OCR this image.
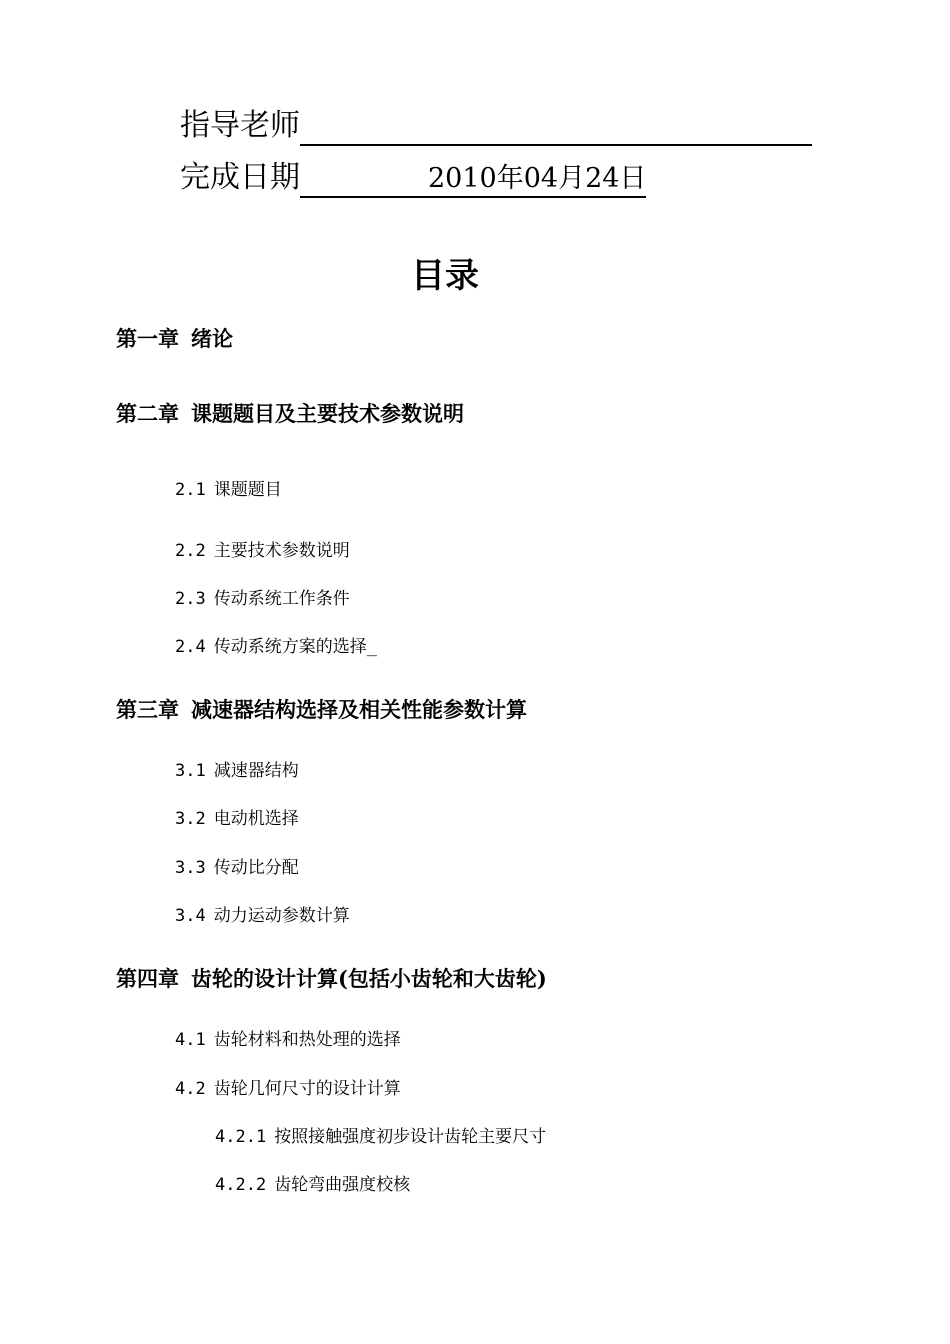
指导老师
完成日期	2010年04月24日
目录
第一章 绪论
第二章 课题题目及主要技术参数说明
2.1 课题题目
2.2 主要技术参数说明
2.3 传动系统工作条件
2.4 传动系统方案的选择_
第三章 减速器结构选择及相关性能参数计算
3.1 减速器结构
3.2 电动机选择
3.3 传动比分配
3.4 动力运动参数计算
第四章 齿轮的设计计算(包括小齿轮和大齿轮)
4.1 齿轮材料和热处理的选择
4.2 齿轮几何尺寸的设计计算
4.2.1 按照接触强度初步设计齿轮主要尺寸
4.2.2 齿轮弯曲强度校核
